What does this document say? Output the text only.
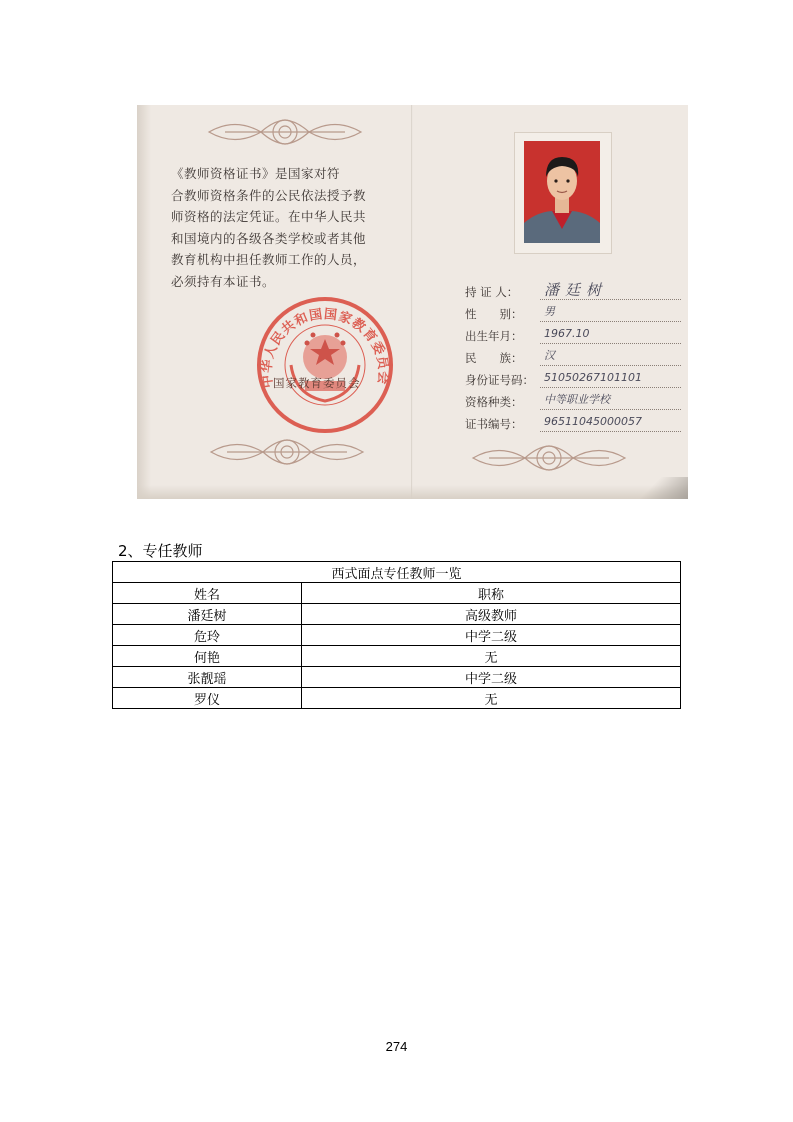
《教师资格证书》是国家对符
合教师资格条件的公民依法授予教
师资格的法定凭证。在中华人民共
和国境内的各级各类学校或者其他
教育机构中担任教师工作的人员，
必须持有本证书。
中华人民共和国国家教育委员会
国家教育委员会
持 证 人： 潘廷树
性　　别：	男
出生年月：	1967.10
民　　族：	汉
身份证号码： 51050267101101
资格种类：	中等职业学校
证书编号：	96511045000057
2、专任教师
西式面点专任教师一览	
姓名	职称
潘廷树	高级教师
危玲	中学二级
何艳	无
张靓瑶	中学二级
罗仪	无
274
